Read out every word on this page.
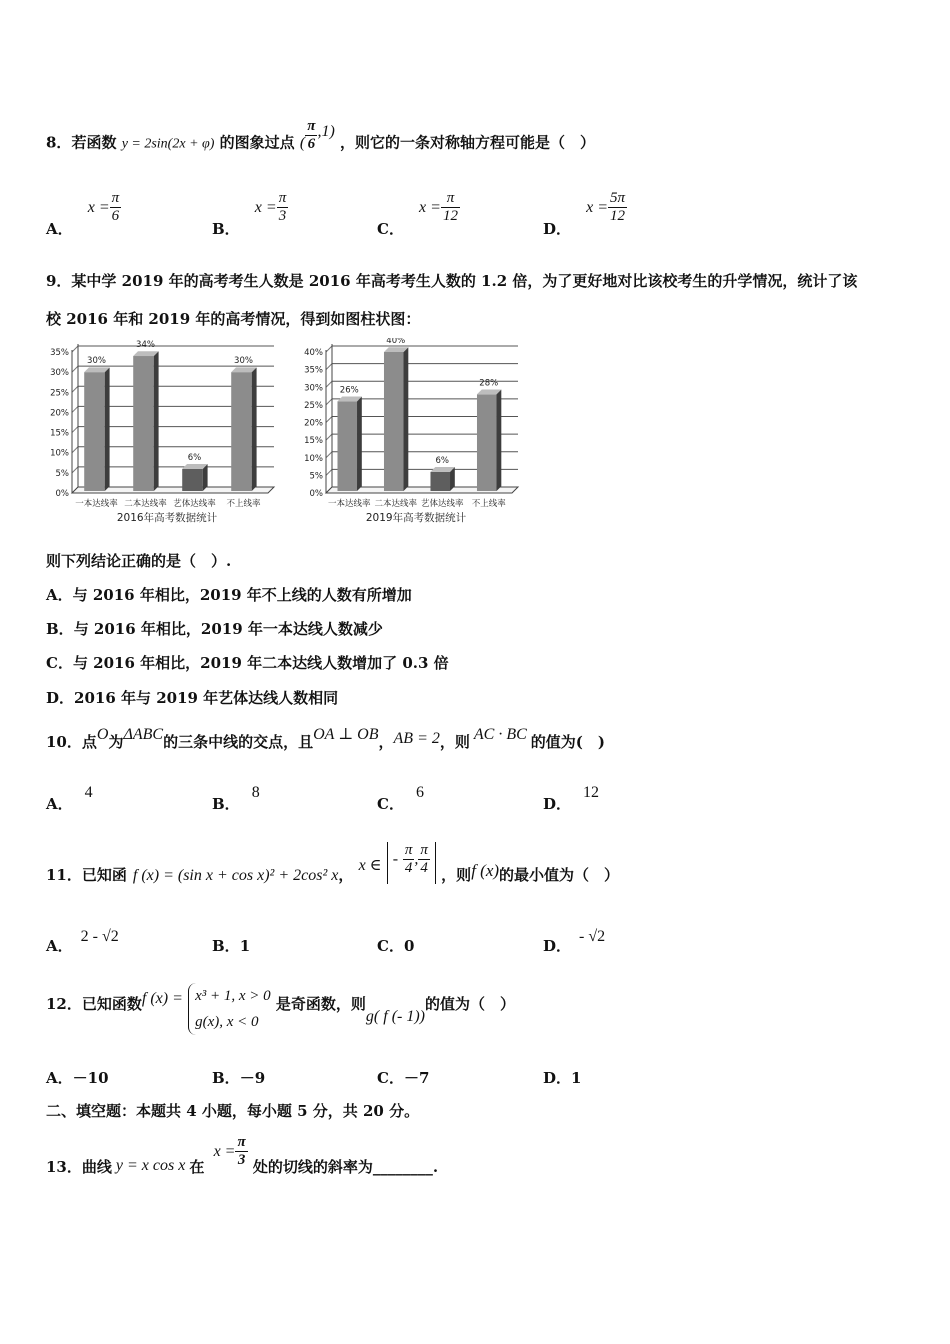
8．若函数 y = 2sin(2x + φ) 的图象过点 ( $\frac{\pi}{6} ,1$) ，则它的一条对称轴方程可能是（　）
A． $x = \frac{\pi}{6}$
B． $x = \frac{\pi}{3}$
C． $x = \frac{\pi}{12}$
D． $x = \frac{5\pi}{12}$
9．某中学 2019 年的高考考生人数是 2016 年高考考生人数的 1.2 倍，为了更好地对比该校考生的升学情况，统计了该
校 2016 年和 2019 年的高考情况，得到如图柱状图：
0%
5%
10%
15%
20%
25%
30%
35%
30%
一本达线率
34%
二本达线率
6%
艺体达线率
30%
不上线率
2016年高考数据统计
0%
5%
10%
15%
20%
25%
30%
35%
40%
26%
一本达线率
40%
二本达线率
6%
艺体达线率
28%
不上线率
2019年高考数据统计
则下列结论正确的是（　）.
A．与 2016 年相比，2019 年不上线的人数有所增加
B．与 2016 年相比，2019 年一本达线人数减少
C．与 2016 年相比，2019 年二本达线人数增加了 0.3 倍
D．2016 年与 2019 年艺体达线人数相同
10．点O为ΔABC的三条中线的交点，且OA ⊥ OB，AB = 2，则 AC · BC 的值为(　)
A．4
B．8
C．6
D．12
11．已知函 f (x) = (sin x + cos x)² + 2cos² x， x ∈ - $\frac{\pi}{4}$ , $\frac{\pi}{4}$ ，则f (x)的最小值为（　）
A．2 - √2
B．1	C．0	D．- √2
12．已知函数f (x) = x³ + 1, x > 0
g(x), x < 0
是奇函数，则g( f (- 1))的值为（　）
A．－10	B．－9	C．－7	D．1
二、填空题：本题共 4 小题，每小题 5 分，共 20 分。
13．曲线 y = x cos x 在 $x = \frac{\pi}{3}$ 处的切线的斜率为________.
